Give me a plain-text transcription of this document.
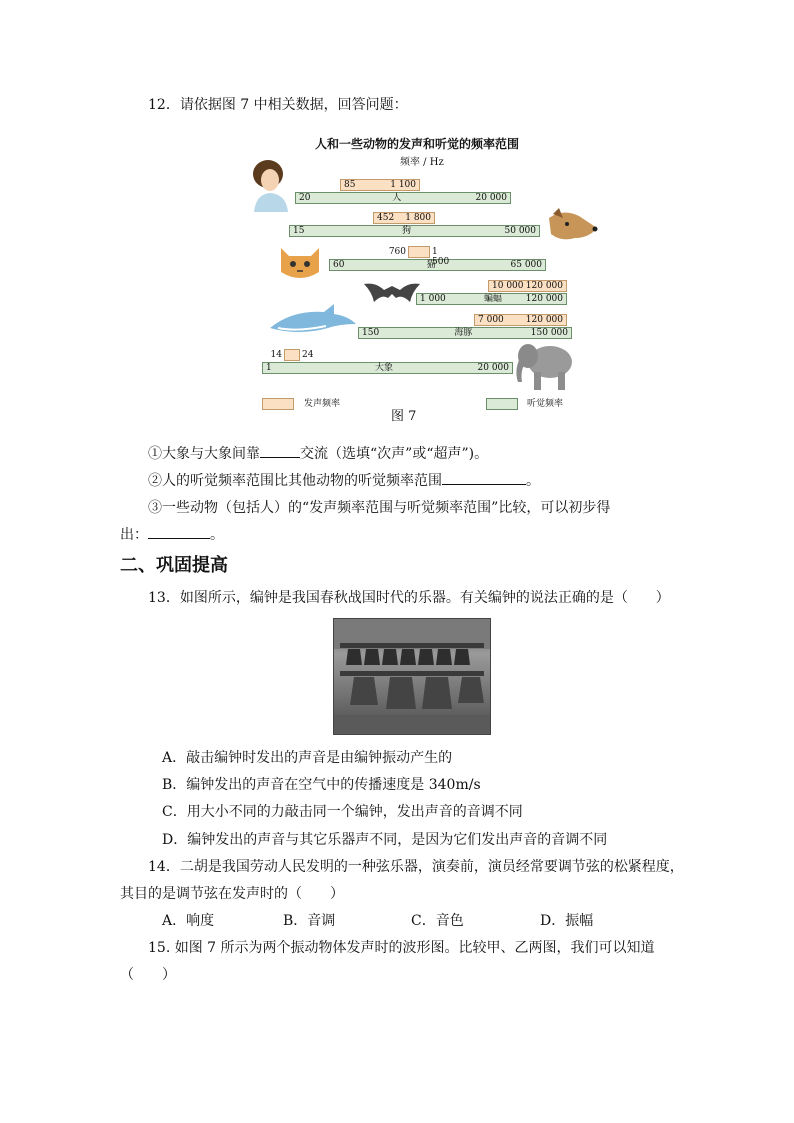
12．请依据图 7 中相关数据，回答问题：
人和一些动物的发声和听觉的频率范围
频率 / Hz
20	人	20 000
85	1 100
15	狗	50 000
452 1 800
60	猫	65 000
760	1 500
1 000	蝙蝠	120 000
10 000 120 000
150	海豚	150 000
7 000 120 000
1	大象	20 000
14	24
发声频率
图 7
听觉频率
①大象与大象间靠	交流（选填“次声”或“超声”)。
②人的听觉频率范围比其他动物的听觉频率范围	。
③一些动物（包括人）的“发声频率范围与听觉频率范围”比较，可以初步得
出：	。
二、巩固提高
13．如图所示，编钟是我国春秋战国时代的乐器。有关编钟的说法正确的是（　　）
A．敲击编钟时发出的声音是由编钟振动产生的
B．编钟发出的声音在空气中的传播速度是 340m/s
C．用大小不同的力敲击同一个编钟，发出声音的音调不同
D．编钟发出的声音与其它乐器声不同，是因为它们发出声音的音调不同
14．二胡是我国劳动人民发明的一种弦乐器，演奏前，演员经常要调节弦的松紧程度，
其目的是调节弦在发声时的（　　）
A．响度	B．音调	C．音色	D．振幅
15. 如图 7 所示为两个振动物体发声时的波形图。比较甲、乙两图，我们可以知道
（　　）
